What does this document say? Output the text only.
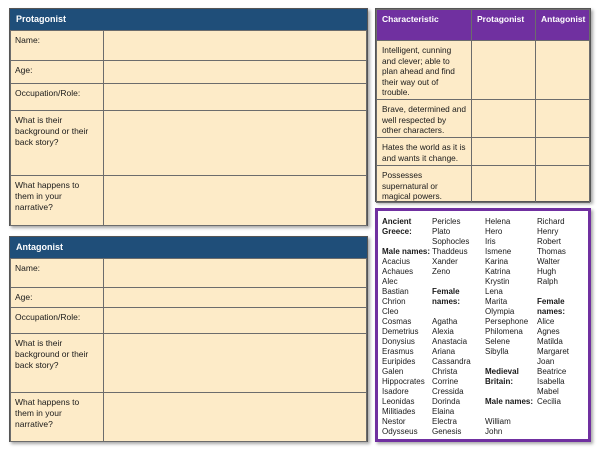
Protagonist
Name:	
Age:	
Occupation/Role:	
What is their background or their back story?	
What happens to them in your narrative?	
Antagonist
Name:	
Age:	
Occupation/Role:	
What is their background or their back story?	
What happens to them in your narrative?	
Characteristic	Protagonist	Antagonist
Intelligent, cunning and clever; able to plan ahead and find their way out of trouble.		
Brave, determined and well respected by other characters.		
Hates the world as it is and wants it change.		
Possesses supernatural or magical powers.		
Ancient
Greece:
Male names:
Acacius
Achaues
Alec
Bastian
Chrion
Cleo
Cosmas
Demetrius
Donysius
Erasmus
Euripides
Galen
Hippocrates
Isadore
Leonidas
Militiades
Nestor
Odysseus
Pericles
Plato
Sophocles
Thaddeus
Xander
Zeno
Female
names:
Agatha
Alexia
Anastacia
Ariana
Cassandra
Christa
Corrine
Cressida
Dorinda
Elaina
Electra
Genesis
Helena
Hero
Iris
Ismene
Karina
Katrina
Krystin
Lena
Marita
Olympia
Persephone
Philomena
Selene
Sibylla
Medieval
Britain:
Male names:
William
John
Richard
Henry
Robert
Thomas
Walter
Hugh
Ralph
Female
names:
Alice
Agnes
Matilda
Margaret
Joan
Beatrice
Isabella
Mabel
Cecilia
